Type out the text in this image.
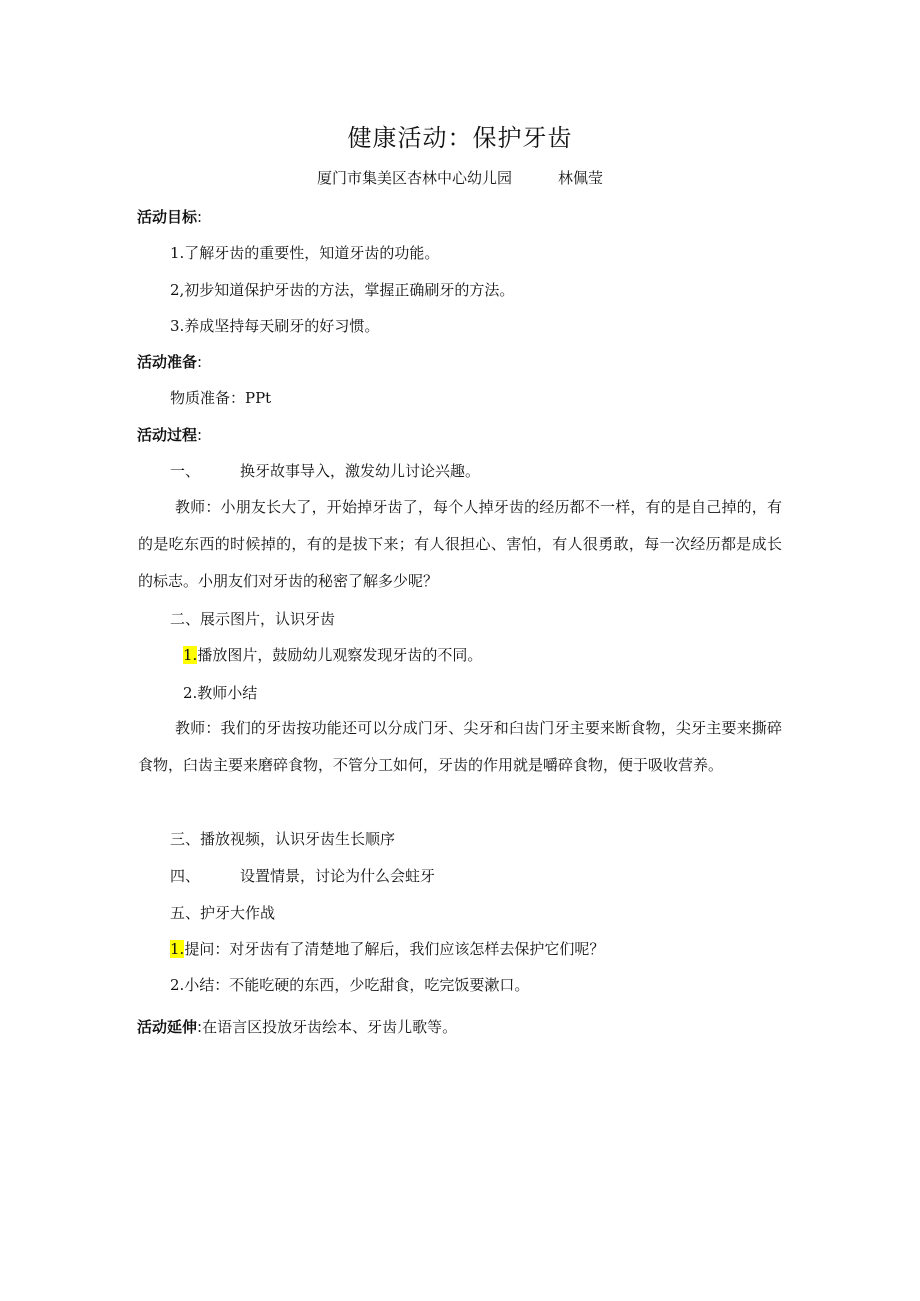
健康活动：保护牙齿
厦门市集美区杏林中心幼儿园	林佩莹
活动目标:
1.了解牙齿的重要性，知道牙齿的功能。
2,初步知道保护牙齿的方法，掌握正确刷牙的方法。
3.养成坚持每天刷牙的好习惯。
活动准备:
物质准备：PPt
活动过程:
一、	换牙故事导入，激发幼儿讨论兴趣。
教师：小朋友长大了，开始掉牙齿了，每个人掉牙齿的经历都不一样，有的是自己掉的，有的是吃东西的时候掉的，有的是拔下来；有人很担心、害怕，有人很勇敢，每一次经历都是成长的标志。小朋友们对牙齿的秘密了解多少呢？
二、展示图片，认识牙齿
1.播放图片，鼓励幼儿观察发现牙齿的不同。
2.教师小结
教师：我们的牙齿按功能还可以分成门牙、尖牙和臼齿门牙主要来断食物，尖牙主要来撕碎食物，臼齿主要来磨碎食物，不管分工如何，牙齿的作用就是嚼碎食物，便于吸收营养。
三、播放视频，认识牙齿生长顺序
四、	设置情景，讨论为什么会蛀牙
五、护牙大作战
1.提问：对牙齿有了清楚地了解后，我们应该怎样去保护它们呢？
2.小结：不能吃硬的东西，少吃甜食，吃完饭要漱口。
活动延伸:在语言区投放牙齿绘本、牙齿儿歌等。
